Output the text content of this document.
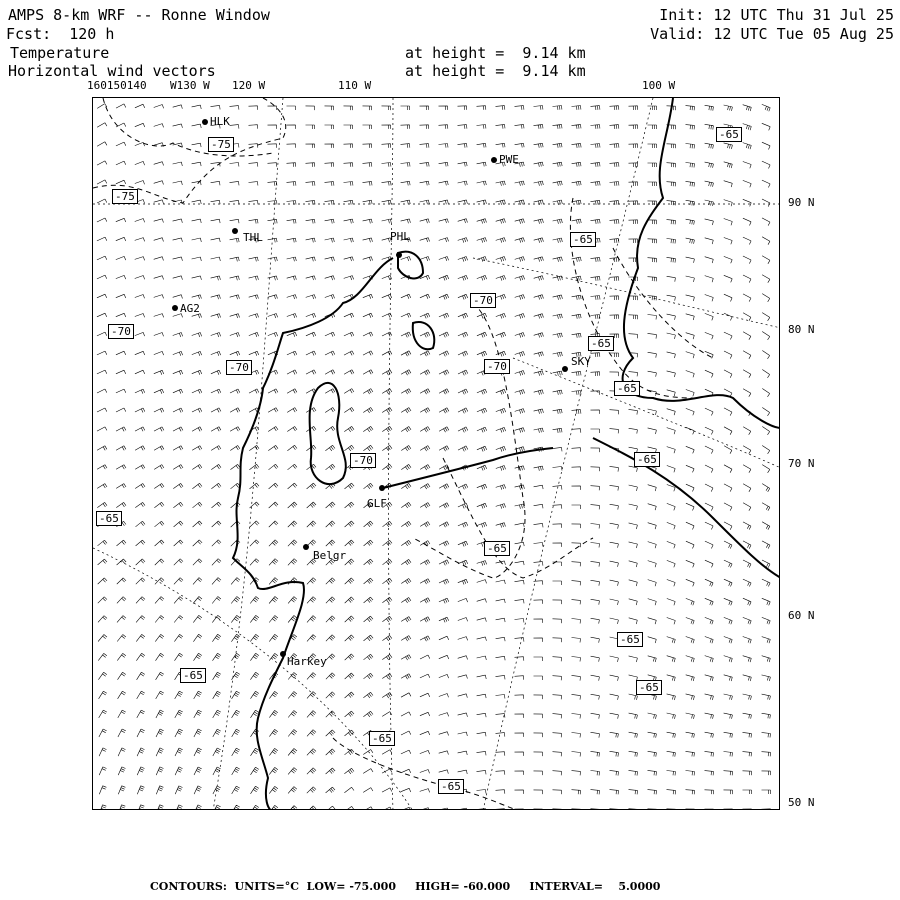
AMPS 8-km WRF -- Ronne Window
Fcst:  120 h
Temperature
Horizontal wind vectors
at height =  9.14 km
at height =  9.14 km
Init: 12 UTC Thu 31 Jul 25
Valid: 12 UTC Tue 05 Aug 25
160150140 W130 W 120 W	110 W	100 W
90 N
80 N
70 N
60 N
50 N
HLK
PWE
THL	PHL
AG2
SKY
GLF
Belgr
Harkey
-75
-75
-70
-70
-70
-70
-65
-65
-65
-65
-70	-65
-65
-65
-65
-65
-65
-65
-65
CONTOURS:  UNITS=°C  LOW= -75.000     HIGH= -60.000     INTERVAL=    5.0000
